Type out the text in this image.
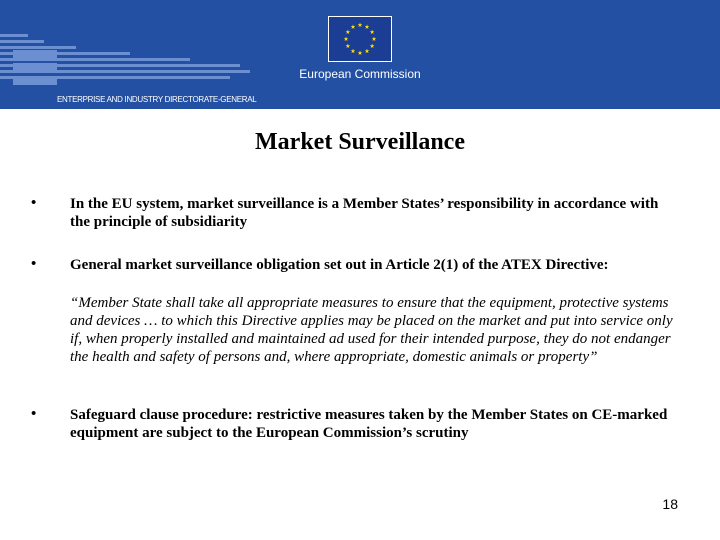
European Commission
ENTERPRISE AND INDUSTRY DIRECTORATE-GENERAL
Market Surveillance
• In the EU system, market surveillance is a Member States’ responsibility in accordance with the principle of subsidiarity
• General market surveillance obligation set out in Article 2(1) of the ATEX Directive:
“Member State shall take all appropriate measures to ensure that the equipment, protective systems and devices … to which this Directive applies may be placed on the market and put into service only if, when properly installed and maintained ad used for their intended purpose, they do not endanger the health and safety of persons and, where appropriate, domestic animals or property”
• Safeguard clause procedure: restrictive measures taken by the Member States on CE-marked equipment are subject to the European Commission’s scrutiny
18
